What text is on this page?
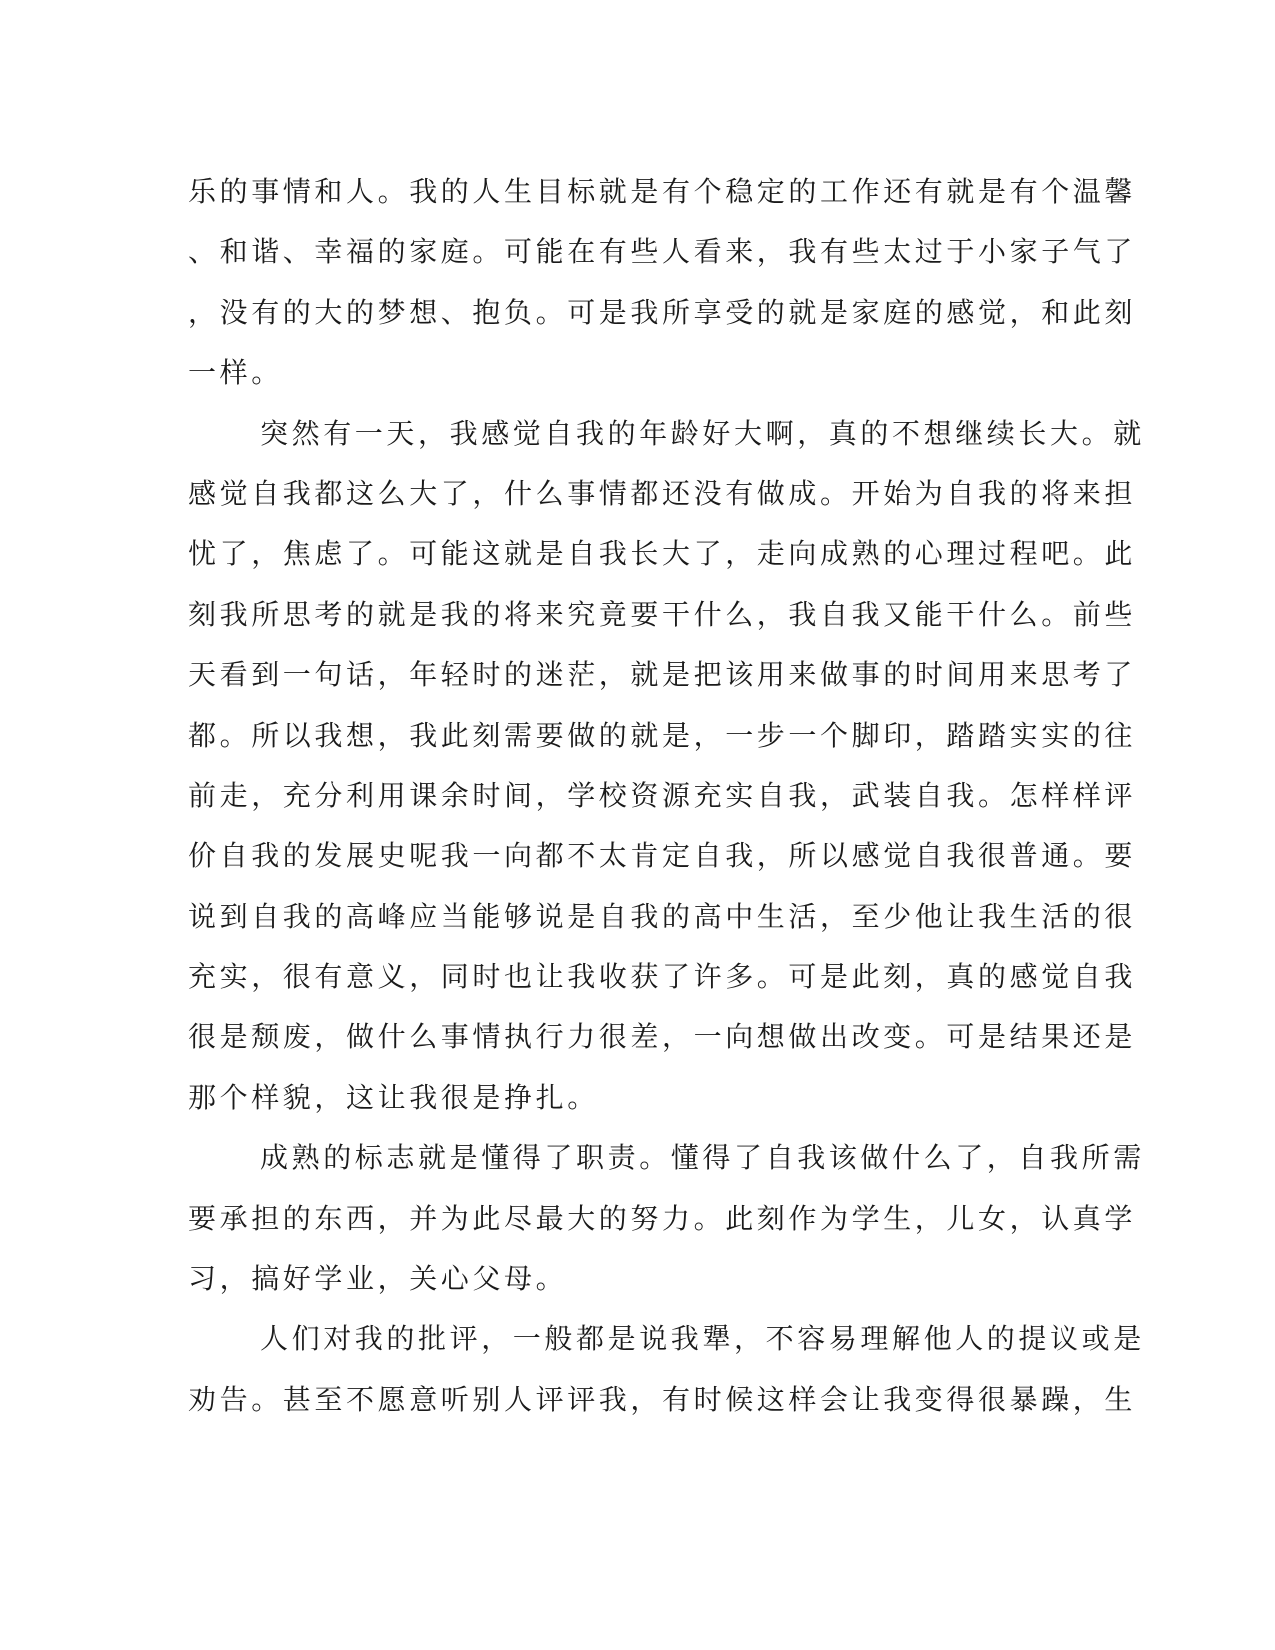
乐的事情和人。我的人生目标就是有个稳定的工作还有就是有个温馨
、和谐、幸福的家庭。可能在有些人看来，我有些太过于小家子气了
，没有的大的梦想、抱负。可是我所享受的就是家庭的感觉，和此刻
一样。
突然有一天，我感觉自我的年龄好大啊，真的不想继续长大。就
感觉自我都这么大了，什么事情都还没有做成。开始为自我的将来担
忧了，焦虑了。可能这就是自我长大了，走向成熟的心理过程吧。此
刻我所思考的就是我的将来究竟要干什么，我自我又能干什么。前些
天看到一句话，年轻时的迷茫，就是把该用来做事的时间用来思考了
都。所以我想，我此刻需要做的就是，一步一个脚印，踏踏实实的往
前走，充分利用课余时间，学校资源充实自我，武装自我。怎样样评
价自我的发展史呢我一向都不太肯定自我，所以感觉自我很普通。要
说到自我的高峰应当能够说是自我的高中生活，至少他让我生活的很
充实，很有意义，同时也让我收获了许多。可是此刻，真的感觉自我
很是颓废，做什么事情执行力很差，一向想做出改变。可是结果还是
那个样貌，这让我很是挣扎。
成熟的标志就是懂得了职责。懂得了自我该做什么了，自我所需
要承担的东西，并为此尽最大的努力。此刻作为学生，儿女，认真学
习，搞好学业，关心父母。
人们对我的批评，一般都是说我犟，不容易理解他人的提议或是
劝告。甚至不愿意听别人评评我，有时候这样会让我变得很暴躁，生
